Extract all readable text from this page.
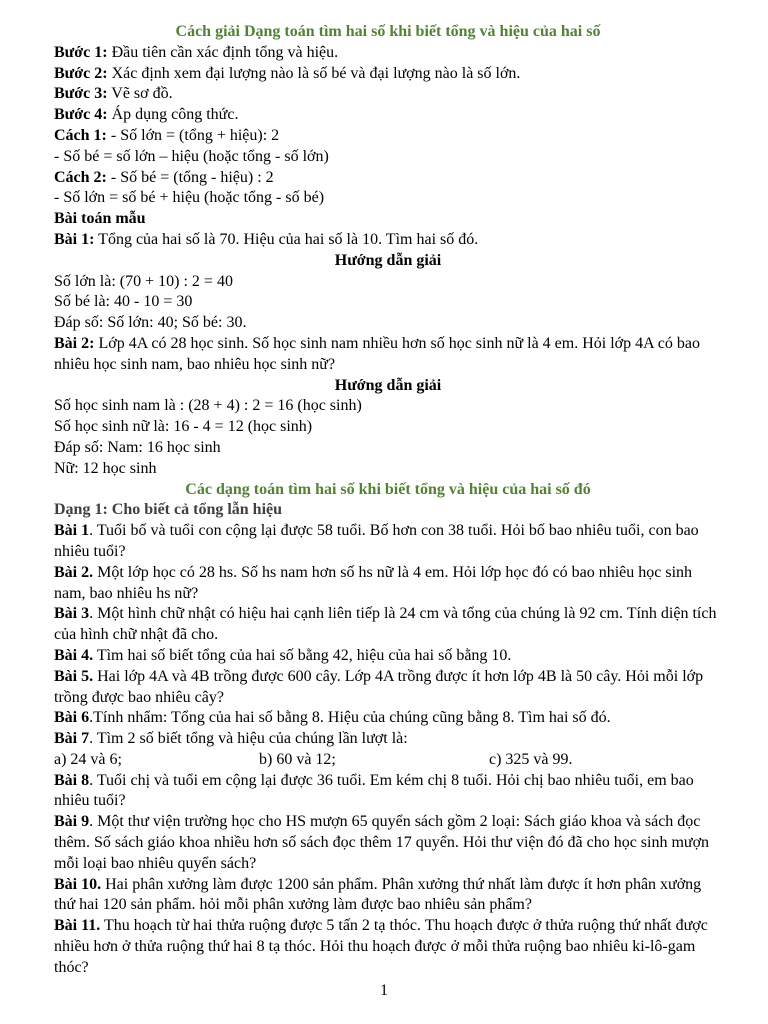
Cách giải Dạng toán tìm hai số khi biết tổng và hiệu của hai số
Bước 1: Đầu tiên cần xác định tổng và hiệu.
Bước 2: Xác định xem đại lượng nào là số bé và đại lượng nào là số lớn.
Bước 3: Vẽ sơ đồ.
Bước 4: Áp dụng công thức.
Cách 1: - Số lớn = (tổng + hiệu): 2
- Số bé = số lớn – hiệu (hoặc tổng - số lớn)
Cách 2: - Số bé = (tổng - hiệu) : 2
- Số lớn = số bé + hiệu (hoặc tổng - số bé)
Bài toán mẫu
Bài 1: Tổng của hai số là 70. Hiệu của hai số là 10. Tìm hai số đó.
Hướng dẫn giải
Số lớn là: (70 + 10) : 2 = 40
Số bé là: 40 - 10 = 30
Đáp số: Số lớn: 40; Số bé: 30.
Bài 2: Lớp 4A có 28 học sinh. Số học sinh nam nhiều hơn số học sinh nữ là 4 em. Hỏi lớp 4A có bao nhiêu học sinh nam, bao nhiêu học sinh nữ?
Hướng dẫn giải
Số học sinh nam là : (28 + 4) : 2 = 16 (học sinh)
Số học sinh nữ là: 16 - 4 = 12 (học sinh)
Đáp số: Nam: 16 học sinh
Nữ: 12 học sinh
Các dạng toán tìm hai số khi biết tổng và hiệu của hai số đó
Dạng 1: Cho biết cả tổng lẫn hiệu
Bài 1. Tuổi bố và tuổi con cộng lại được 58 tuổi. Bố hơn con 38 tuổi. Hỏi bố bao nhiêu tuổi, con bao nhiêu tuổi?
Bài 2. Một lớp học có 28 hs. Số hs nam hơn số hs nữ là 4 em. Hỏi lớp học đó có bao nhiêu học sinh nam, bao nhiêu hs nữ?
Bài 3. Một hình chữ nhật có hiệu hai cạnh liên tiếp là 24 cm và tổng của chúng là 92 cm. Tính diện tích của hình chữ nhật đã cho.
Bài 4. Tìm hai số biết tổng của hai số bằng 42, hiệu của hai số bằng 10.
Bài 5. Hai lớp 4A và 4B trồng được 600 cây. Lớp 4A trồng được ít hơn lớp 4B là 50 cây. Hỏi mỗi lớp trồng được bao nhiêu cây?
Bài 6.Tính nhẩm: Tổng của hai số bằng 8. Hiệu của chúng cũng bằng 8. Tìm hai số đó.
Bài 7. Tìm 2 số biết tổng và hiệu của chúng lần lượt là:
a) 24 và 6;	b) 60 và 12;	c) 325 và 99.
Bài 8. Tuổi chị và tuổi em cộng lại được 36 tuổi. Em kém chị 8 tuổi. Hỏi chị bao nhiêu tuổi, em bao nhiêu tuổi?
Bài 9. Một thư viện trường học cho HS mượn 65 quyển sách gồm 2 loại: Sách giáo khoa và sách đọc thêm. Số sách giáo khoa nhiều hơn số sách đọc thêm 17 quyển. Hỏi thư viện đó đã cho học sinh mượn mỗi loại bao nhiêu quyển sách?
Bài 10. Hai phân xưởng làm được 1200 sản phẩm. Phân xưởng thứ nhất làm được ít hơn phân xưởng thứ hai 120 sản phẩm. hỏi mỗi phân xưởng làm được bao nhiêu sản phẩm?
Bài 11. Thu hoạch từ hai thửa ruộng được 5 tấn 2 tạ thóc. Thu hoạch được ở thửa ruộng thứ nhất được nhiều hơn ở thửa ruộng thứ hai 8 tạ thóc. Hỏi thu hoạch được ở mỗi thửa ruộng bao nhiêu ki-lô-gam thóc?
1
